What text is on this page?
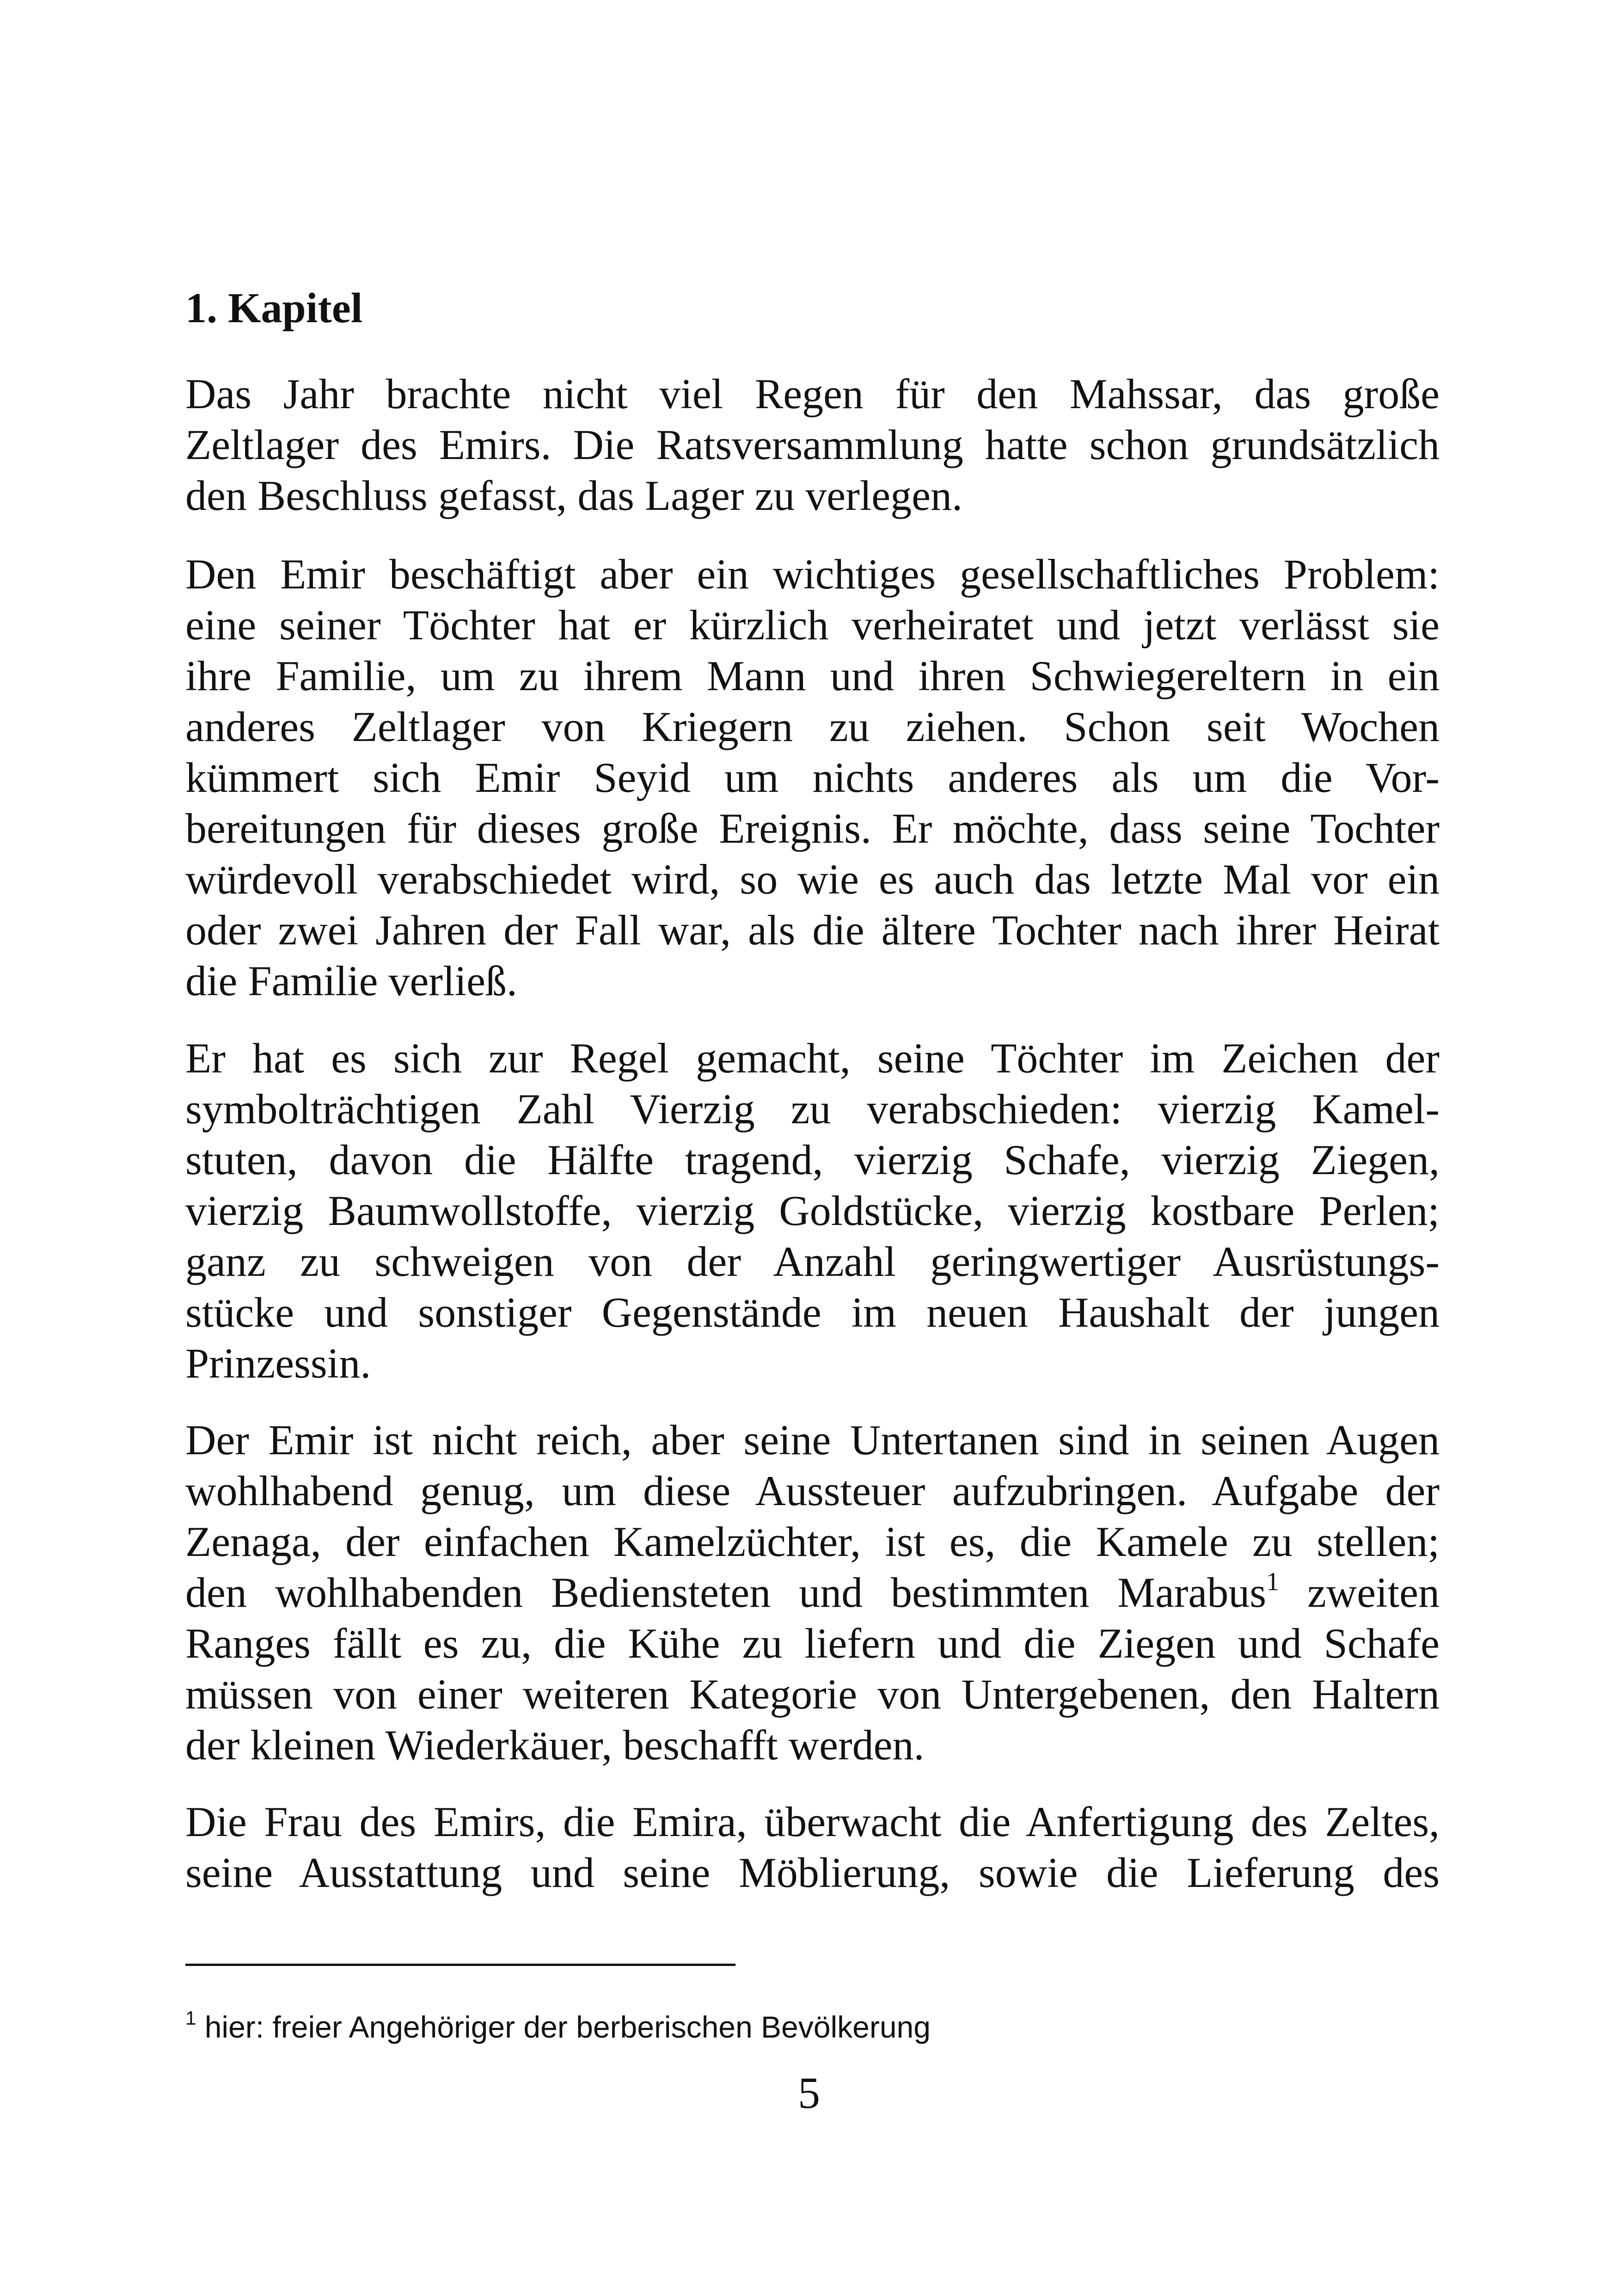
1. Kapitel

Das Jahr brachte nicht viel Regen für den Mahssar, das große
Zeltlager des Emirs. Die Ratsversammlung hatte schon grundsätzlich
den Beschluss gefasst, das Lager zu verlegen.

Den Emir beschäftigt aber ein wichtiges gesellschaftliches Problem:
eine seiner Töchter hat er kürzlich verheiratet und jetzt verlässt sie
ihre Familie, um zu ihrem Mann und ihren Schwiegereltern in ein
anderes Zeltlager von Kriegern zu ziehen. Schon seit Wochen
kümmert sich Emir Seyid um nichts anderes als um die Vor-
bereitungen für dieses große Ereignis. Er möchte, dass seine Tochter
würdevoll verabschiedet wird, so wie es auch das letzte Mal vor ein
oder zwei Jahren der Fall war, als die ältere Tochter nach ihrer Heirat
die Familie verließ.

Er hat es sich zur Regel gemacht, seine Töchter im Zeichen der
symbolträchtigen Zahl Vierzig zu verabschieden: vierzig Kamel-
stuten, davon die Hälfte tragend, vierzig Schafe, vierzig Ziegen,
vierzig Baumwollstoffe, vierzig Goldstücke, vierzig kostbare Perlen;
ganz zu schweigen von der Anzahl geringwertiger Ausrüstungs-
stücke und sonstiger Gegenstände im neuen Haushalt der jungen
Prinzessin.

Der Emir ist nicht reich, aber seine Untertanen sind in seinen Augen
wohlhabend genug, um diese Aussteuer aufzubringen. Aufgabe der
Zenaga, der einfachen Kamelzüchter, ist es, die Kamele zu stellen;
den wohlhabenden Bediensteten und bestimmten Marabus$^1$ zweiten
Ranges fällt es zu, die Kühe zu liefern und die Ziegen und Schafe
müssen von einer weiteren Kategorie von Untergebenen, den Haltern
der kleinen Wiederkäuer, beschafft werden.

Die Frau des Emirs, die Emira, überwacht die Anfertigung des Zeltes,
seine Ausstattung und seine Möblierung, sowie die Lieferung des

$^1$ hier: freier Angehöriger der berberischen Bevölkerung

5
